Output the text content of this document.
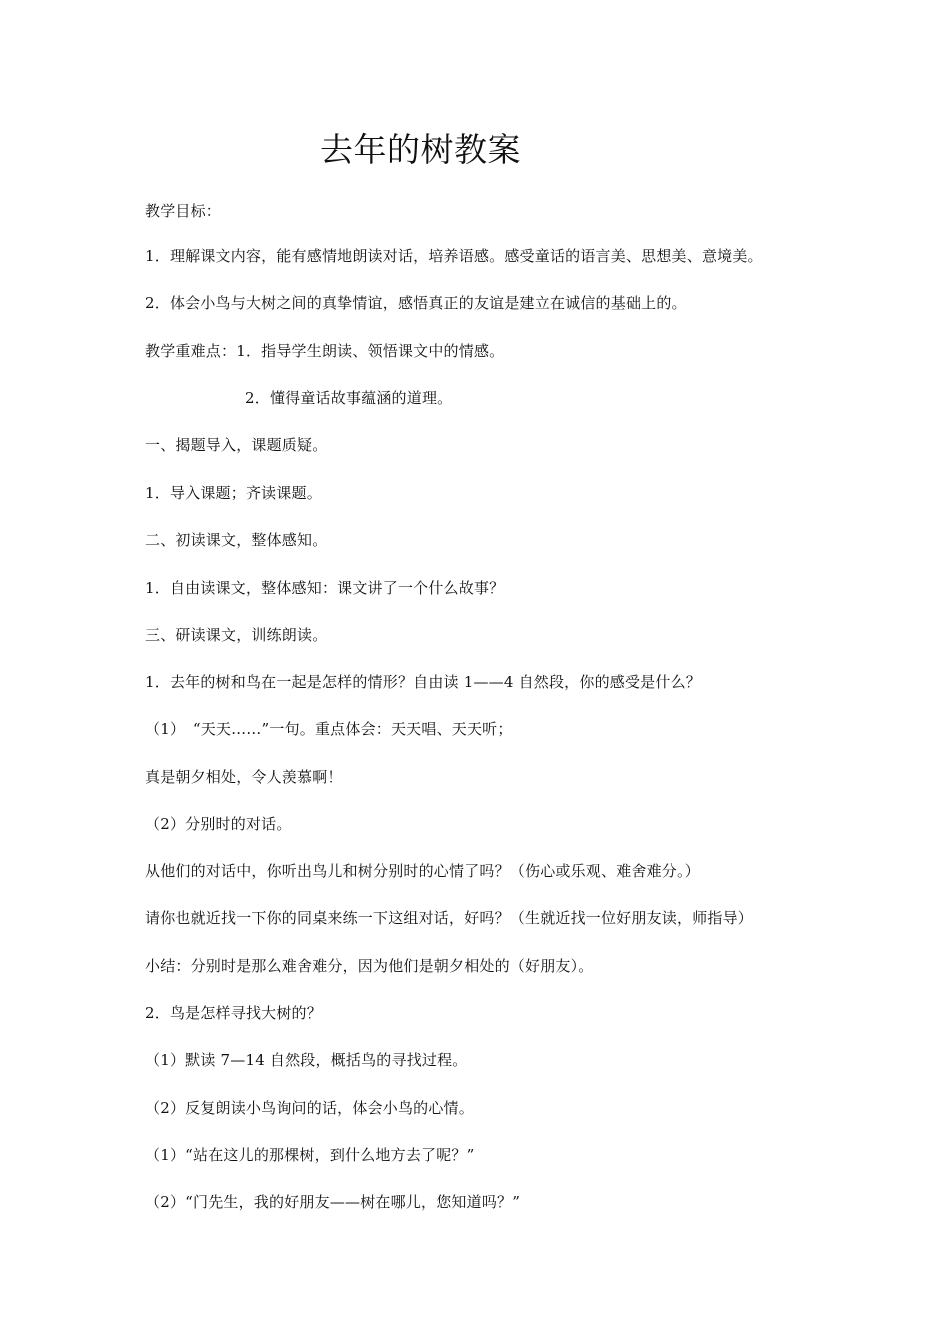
去年的树教案
教学目标：
1．理解课文内容，能有感情地朗读对话，培养语感。感受童话的语言美、思想美、意境美。
2．体会小鸟与大树之间的真挚情谊，感悟真正的友谊是建立在诚信的基础上的。
教学重难点：1．指导学生朗读、领悟课文中的情感。
2．懂得童话故事蕴涵的道理。
一、揭题导入，课题质疑。
1．导入课题；齐读课题。
二、初读课文，整体感知。
1．自由读课文，整体感知：课文讲了一个什么故事？
三、研读课文，训练朗读。
1．去年的树和鸟在一起是怎样的情形？自由读 1——4 自然段，你的感受是什么？
（1）　“天天……”一句。重点体会：天天唱、天天听；
真是朝夕相处，令人羡慕啊！
（2）分别时的对话。
从他们的对话中，你听出鸟儿和树分别时的心情了吗？（伤心或乐观、难舍难分。）
请你也就近找一下你的同桌来练一下这组对话，好吗？（生就近找一位好朋友读，师指导）
小结：分别时是那么难舍难分，因为他们是朝夕相处的（好朋友）。
2．鸟是怎样寻找大树的？
（1）默读 7—14 自然段，概括鸟的寻找过程。
（2）反复朗读小鸟询问的话，体会小鸟的心情。
（1）“站在这儿的那棵树，到什么地方去了呢？”
（2）“门先生，我的好朋友——树在哪儿，您知道吗？”
